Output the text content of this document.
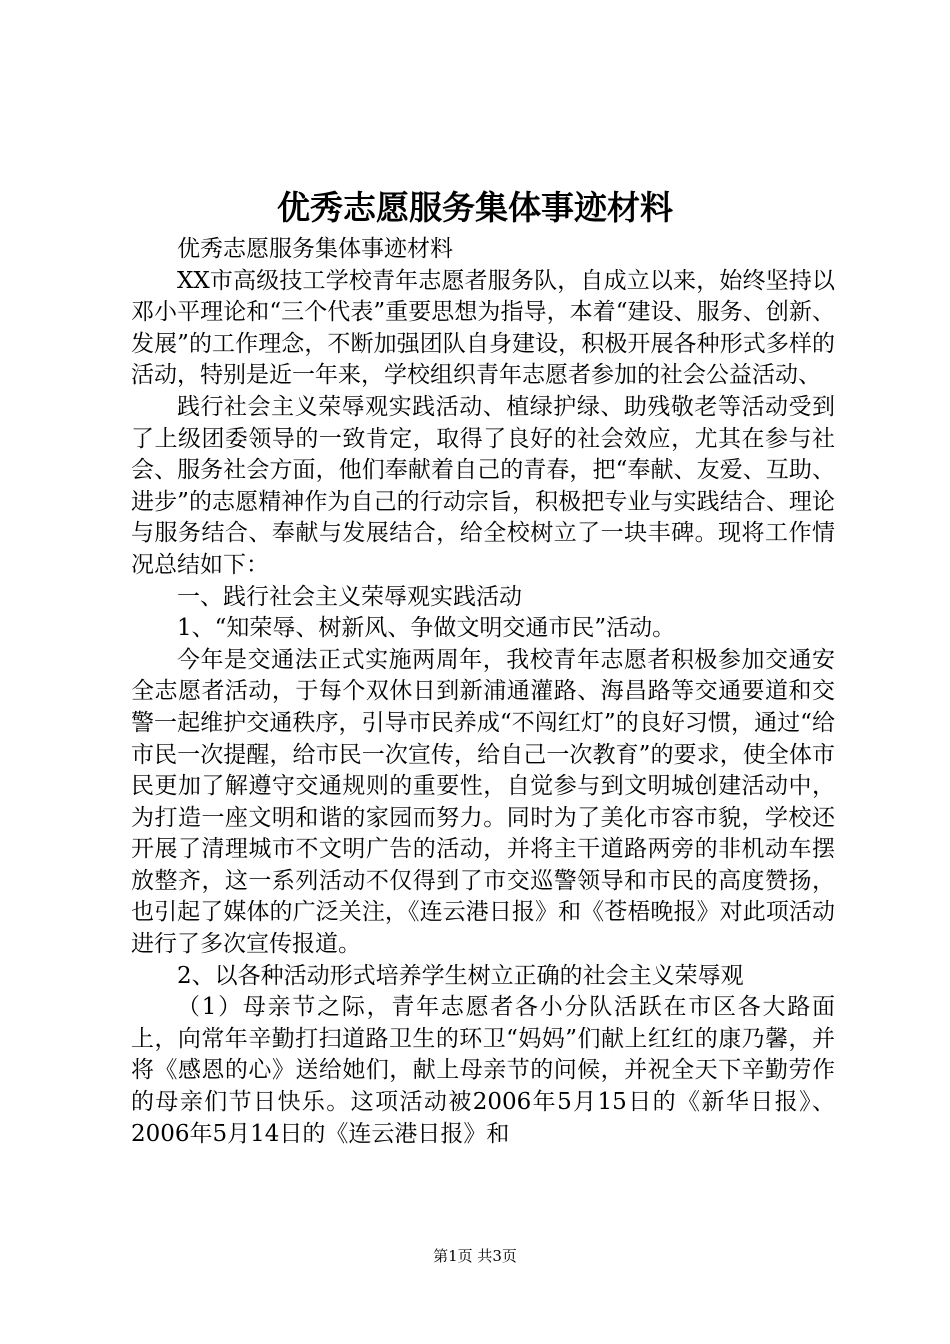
优秀志愿服务集体事迹材料

优秀志愿服务集体事迹材料

XX市高级技工学校青年志愿者服务队，自成立以来，始终坚持以邓小平理论和“三个代表”重要思想为指导，本着“建设、服务、创新、发展”的工作理念，不断加强团队自身建设，积极开展各种形式多样的活动，特别是近一年来，学校组织青年志愿者参加的社会公益活动、

践行社会主义荣辱观实践活动、植绿护绿、助残敬老等活动受到了上级团委领导的一致肯定，取得了良好的社会效应，尤其在参与社会、服务社会方面，他们奉献着自己的青春，把“奉献、友爱、互助、进步”的志愿精神作为自己的行动宗旨，积极把专业与实践结合、理论与服务结合、奉献与发展结合，给全校树立了一块丰碑。现将工作情况总结如下：

一、践行社会主义荣辱观实践活动

1、“知荣辱、树新风、争做文明交通市民”活动。

今年是交通法正式实施两周年，我校青年志愿者积极参加交通安全志愿者活动，于每个双休日到新浦通灌路、海昌路等交通要道和交警一起维护交通秩序，引导市民养成“不闯红灯”的良好习惯，通过“给市民一次提醒，给市民一次宣传，给自己一次教育”的要求，使全体市民更加了解遵守交通规则的重要性，自觉参与到文明城创建活动中，为打造一座文明和谐的家园而努力。同时为了美化市容市貌，学校还开展了清理城市不文明广告的活动，并将主干道路两旁的非机动车摆放整齐，这一系列活动不仅得到了市交巡警领导和市民的高度赞扬，也引起了媒体的广泛关注，《连云港日报》和《苍梧晚报》对此项活动进行了多次宣传报道。

2、以各种活动形式培养学生树立正确的社会主义荣辱观

（1）母亲节之际，青年志愿者各小分队活跃在市区各大路面上，向常年辛勤打扫道路卫生的环卫“妈妈”们献上红红的康乃馨，并将《感恩的心》送给她们，献上母亲节的问候，并祝全天下辛勤劳作的母亲们节日快乐。这项活动被2006年5月15日的《新华日报》、2006年5月14日的《连云港日报》和

第1页 共3页
